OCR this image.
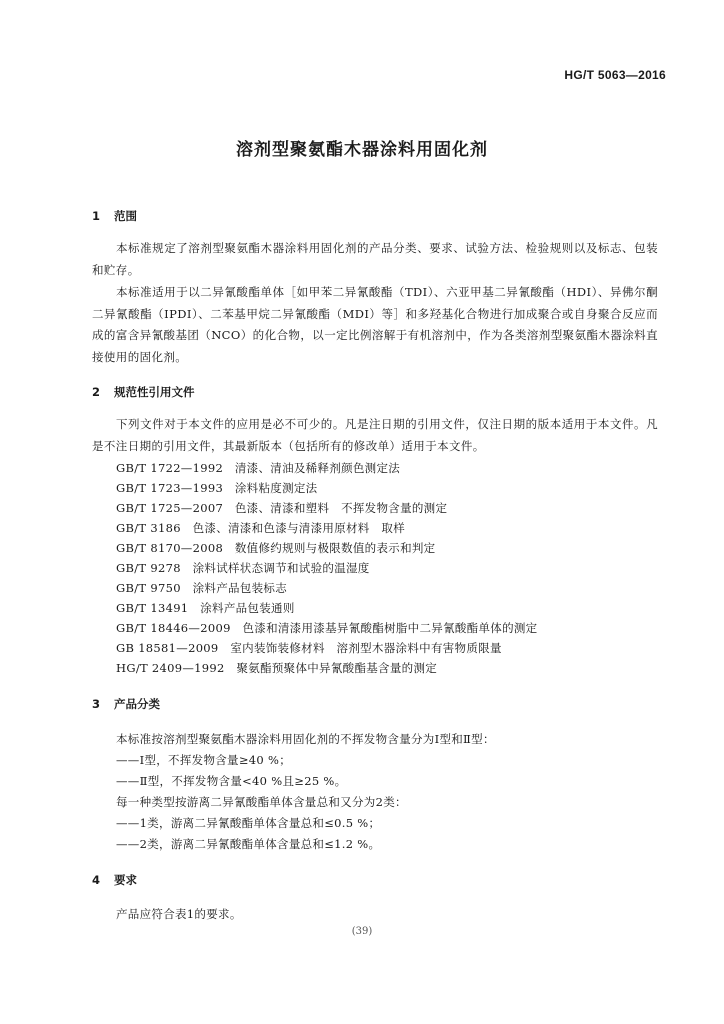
HG/T 5063—2016
溶剂型聚氨酯木器涂料用固化剂
1 范围
本标准规定了溶剂型聚氨酯木器涂料用固化剂的产品分类、要求、试验方法、检验规则以及标志、包装和贮存。
本标准适用于以二异氰酸酯单体［如甲苯二异氰酸酯（TDI）、六亚甲基二异氰酸酯（HDI）、异佛尔酮二异氰酸酯（IPDI）、二苯基甲烷二异氰酸酯（MDI）等］和多羟基化合物进行加成聚合或自身聚合反应而成的富含异氰酸基团（NCO）的化合物，以一定比例溶解于有机溶剂中，作为各类溶剂型聚氨酯木器涂料直接使用的固化剂。
2 规范性引用文件
下列文件对于本文件的应用是必不可少的。凡是注日期的引用文件，仅注日期的版本适用于本文件。凡是不注日期的引用文件，其最新版本（包括所有的修改单）适用于本文件。
GB/T 1722—1992　清漆、清油及稀释剂颜色测定法
GB/T 1723—1993　涂料粘度测定法
GB/T 1725—2007　色漆、清漆和塑料　不挥发物含量的测定
GB/T 3186　色漆、清漆和色漆与清漆用原材料　取样
GB/T 8170—2008　数值修约规则与极限数值的表示和判定
GB/T 9278　涂料试样状态调节和试验的温湿度
GB/T 9750　涂料产品包装标志
GB/T 13491　涂料产品包装通则
GB/T 18446—2009　色漆和清漆用漆基异氰酸酯树脂中二异氰酸酯单体的测定
GB 18581—2009　室内装饰装修材料　溶剂型木器涂料中有害物质限量
HG/T 2409—1992　聚氨酯预聚体中异氰酸酯基含量的测定
3 产品分类
本标准按溶剂型聚氨酯木器涂料用固化剂的不挥发物含量分为Ⅰ型和Ⅱ型：
——Ⅰ型，不挥发物含量≥40 %；
——Ⅱ型，不挥发物含量<40 %且≥25 %。
每一种类型按游离二异氰酸酯单体含量总和又分为2类：
——1类，游离二异氰酸酯单体含量总和≤0.5 %；
——2类，游离二异氰酸酯单体含量总和≤1.2 %。
4 要求
产品应符合表1的要求。
(39)
